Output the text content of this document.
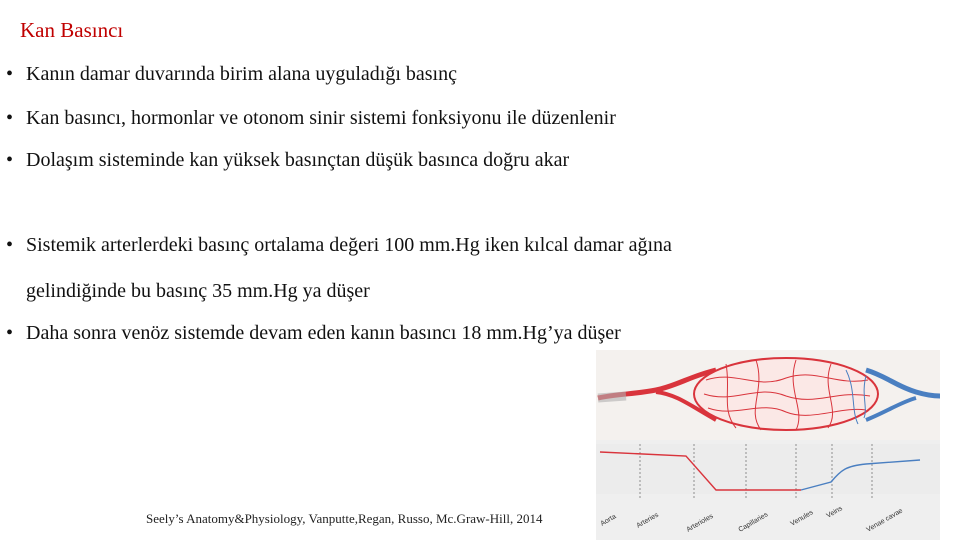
Kan Basıncı
• Kanın damar duvarında birim alana uyguladığı basınç
• Kan basıncı, hormonlar ve otonom sinir sistemi fonksiyonu ile düzenlenir
• Dolaşım sisteminde kan yüksek basınçtan düşük basınca doğru akar
• Sistemik arterlerdeki basınç ortalama değeri 100 mm.Hg iken kılcal damar ağına
gelindiğinde bu basınç 35 mm.Hg ya düşer
• Daha sonra venöz sistemde devam eden kanın basıncı 18 mm.Hg’ya düşer
Aorta	Arteries	Arterioles	Capillaries	Venules Veins	Venae cavae
Seely’s Anatomy&Physiology, Vanputte,Regan, Russo, Mc.Graw-Hill, 2014
